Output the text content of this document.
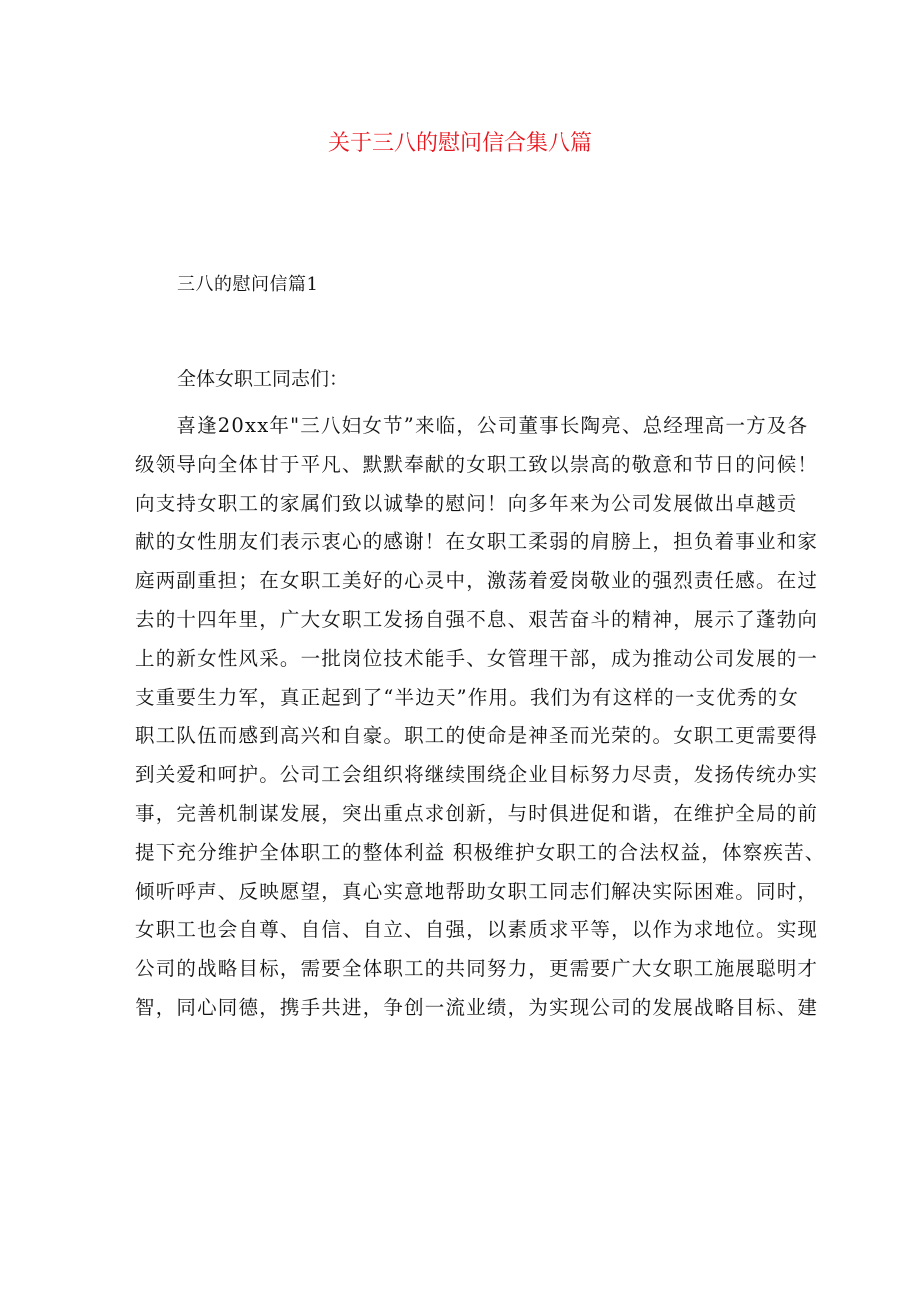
关于三八的慰问信合集八篇
三八的慰问信篇1
全体女职工同志们：
　　喜逢20xx年"三八妇女节”来临，公司董事长陶亮、总经理高一方及各
级领导向全体甘于平凡、默默奉献的女职工致以崇高的敬意和节日的问候！
向支持女职工的家属们致以诚挚的慰问！向多年来为公司发展做出卓越贡
献的女性朋友们表示衷心的感谢！在女职工柔弱的肩膀上，担负着事业和家
庭两副重担；在女职工美好的心灵中，激荡着爱岗敬业的强烈责任感。在过
去的十四年里，广大女职工发扬自强不息、艰苦奋斗的精神，展示了蓬勃向
上的新女性风采。一批岗位技术能手、女管理干部，成为推动公司发展的一
支重要生力军，真正起到了“半边天”作用。我们为有这样的一支优秀的女
职工队伍而感到高兴和自豪。职工的使命是神圣而光荣的。女职工更需要得
到关爱和呵护。公司工会组织将继续围绕企业目标努力尽责，发扬传统办实
事，完善机制谋发展，突出重点求创新，与时俱进促和谐，在维护全局的前
提下充分维护全体职工的整体利益 积极维护女职工的合法权益，体察疾苦、
倾听呼声、反映愿望，真心实意地帮助女职工同志们解决实际困难。同时，
女职工也会自尊、自信、自立、自强，以素质求平等，以作为求地位。实现
公司的战略目标，需要全体职工的共同努力，更需要广大女职工施展聪明才
智，同心同德，携手共进，争创一流业绩，为实现公司的发展战略目标、建
